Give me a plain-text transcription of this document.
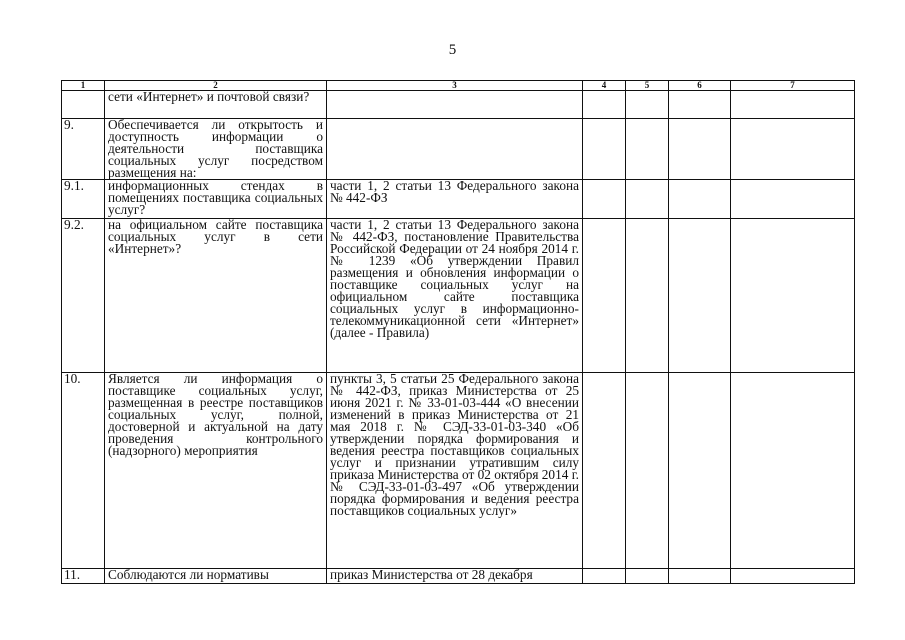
5
1	2	3	4	5	6	7
	сети «Интернет» и почтовой связи?					
9.	Обеспечивается ли открытость и доступность информации о деятельности поставщика социальных услуг посредством размещения на:					
9.1.	информационных стендах в помещениях поставщика социальных услуг?	части 1, 2 статьи 13 Федерального закона № 442-ФЗ				
9.2.	на официальном сайте поставщика социальных услуг в сети «Интернет»?	части 1, 2 статьи 13 Федерального закона № 442-ФЗ, постановление Правительства Российской Федерации от 24 ноября 2014 г. № 1239 «Об утверждении Правил размещения и обновления информации о поставщике социальных услуг на официальном сайте поставщика социальных услуг в информационно-телекоммуникационной сети «Интернет» (далее - Правила)				
10.	Является ли информация о поставщике социальных услуг, размещенная в реестре поставщиков социальных услуг, полной, достоверной и актуальной на дату проведения контрольного (надзорного) мероприятия	пункты 3, 5 статьи 25 Федерального закона № 442-ФЗ, приказ Министерства от 25 июня 2021 г. № 33-01-03-444 «О внесении изменений в приказ Министерства от 21 мая 2018 г. № СЭД-33-01-03-340 «Об утверждении порядка формирования и ведения реестра поставщиков социальных услуг и признании утратившим силу приказа Министерства от 02 октября 2014 г. № СЭД-33-01-03-497 «Об утверждении порядка формирования и ведения реестра поставщиков социальных услуг»				
11.	Соблюдаются ли нормативы	приказ Министерства от 28 декабря				
